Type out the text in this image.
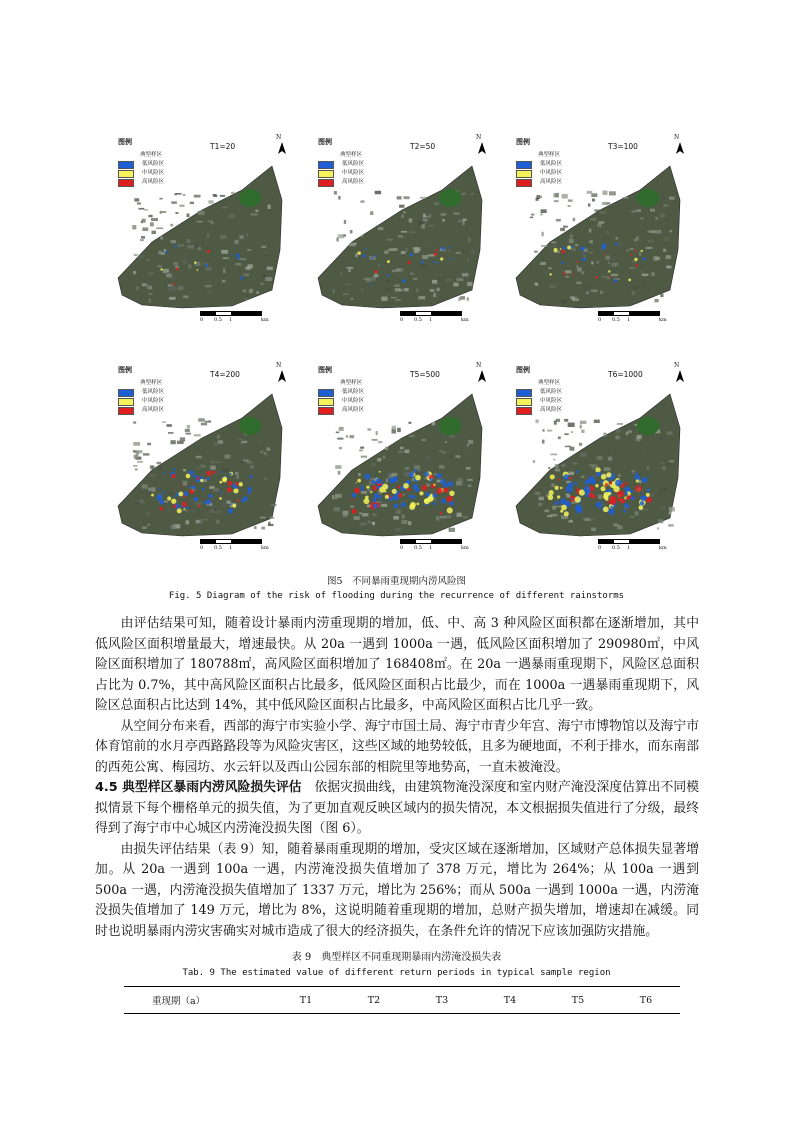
图例
典型样区
低风险区
中风险区
高风险区
T1=20
N
0 0.5 1	km
图例
典型样区
低风险区
中风险区
高风险区
T2=50
N
0 0.5 1	km
图例
典型样区
低风险区
中风险区
高风险区
T3=100
N
0 0.5 1	km
图例
典型样区
低风险区
中风险区
高风险区
T4=200
N
0 0.5 1	km
图例
典型样区
低风险区
中风险区
高风险区
T5=500
N
0 0.5 1	km
图例
典型样区
低风险区
中风险区
高风险区
T6=1000
N
0 0.5 1	km
图5　不同暴雨重现期内涝风险图
Fig. 5 Diagram of the risk of flooding during the recurrence of different rainstorms

由评估结果可知，随着设计暴雨内涝重现期的增加，低、中、高 3 种风险区面积都在逐渐增加，其中低风险区面积增量最大，增速最快。从 20a 一遇到 1000a 一遇，低风险区面积增加了 290980㎡，中风险区面积增加了 180788㎡，高风险区面积增加了 168408㎡。在 20a 一遇暴雨重现期下，风险区总面积占比为 0.7%，其中高风险区面积占比最多，低风险区面积占比最少，而在 1000a 一遇暴雨重现期下，风险区总面积占比达到 14%，其中低风险区面积占比最多，中高风险区面积占比几乎一致。

从空间分布来看，西部的海宁市实验小学、海宁市国土局、海宁市青少年宫、海宁市博物馆以及海宁市体育馆前的水月亭西路路段等为风险灾害区，这些区域的地势较低，且多为硬地面，不利于排水，而东南部的西苑公寓、梅园坊、水云轩以及西山公园东部的相院里等地势高，一直未被淹没。

4.5 典型样区暴雨内涝风险损失评估　依据灾损曲线，由建筑物淹没深度和室内财产淹没深度估算出不同模拟情景下每个栅格单元的损失值，为了更加直观反映区域内的损失情况，本文根据损失值进行了分级，最终得到了海宁市中心城区内涝淹没损失图（图 6）。

由损失评估结果（表 9）知，随着暴雨重现期的增加，受灾区域在逐渐增加，区域财产总体损失显著增加。从 20a 一遇到 100a 一遇，内涝淹没损失值增加了 378 万元，增比为 264%；从 100a 一遇到 500a 一遇，内涝淹没损失值增加了 1337 万元，增比为 256%；而从 500a 一遇到 1000a 一遇，内涝淹没损失值增加了 149 万元，增比为 8%，这说明随着重现期的增加，总财产损失增加，增速却在减缓。同时也说明暴雨内涝灾害确实对城市造成了很大的经济损失，在条件允许的情况下应该加强防灾措施。

表 9　典型样区不同重现期暴雨内涝淹没损失表
Tab. 9 The estimated value of different return periods in typical sample region
重现期（a）	T1	T2	T3	T4	T5	T6
